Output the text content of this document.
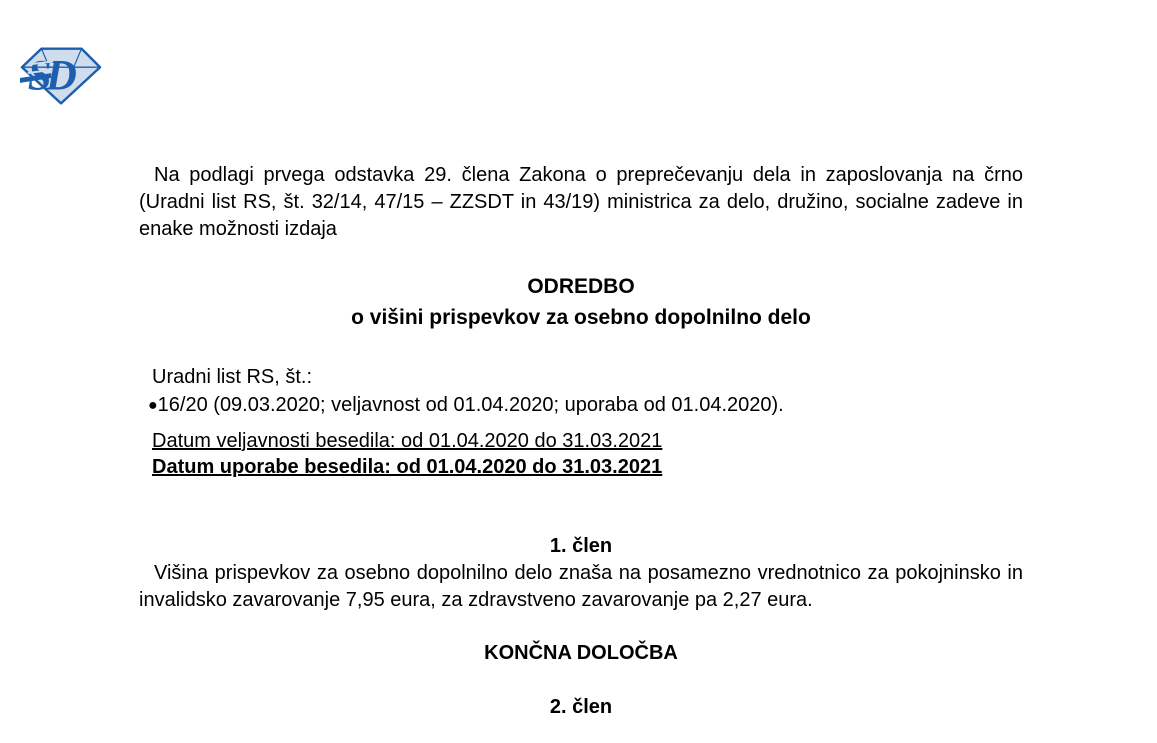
SD

Na podlagi prvega odstavka 29. člena Zakona o preprečevanju dela in zaposlovanja na črno (Uradni list RS, št. 32/14, 47/15 – ZZSDT in 43/19) ministrica za delo, družino, socialne zadeve in enake možnosti izdaja

ODREDBO
o višini prispevkov za osebno dopolnilno delo
Uradni list RS, št.:
●16/20 (09.03.2020; veljavnost od 01.04.2020; uporaba od 01.04.2020).
Datum veljavnosti besedila: od 01.04.2020 do 31.03.2021
Datum uporabe besedila: od 01.04.2020 do 31.03.2021
1. člen

Višina prispevkov za osebno dopolnilno delo znaša na posamezno vrednotnico za pokojninsko in invalidsko zavarovanje 7,95 eura, za zdravstveno zavarovanje pa 2,27 eura.

KONČNA DOLOČBA
2. člen
